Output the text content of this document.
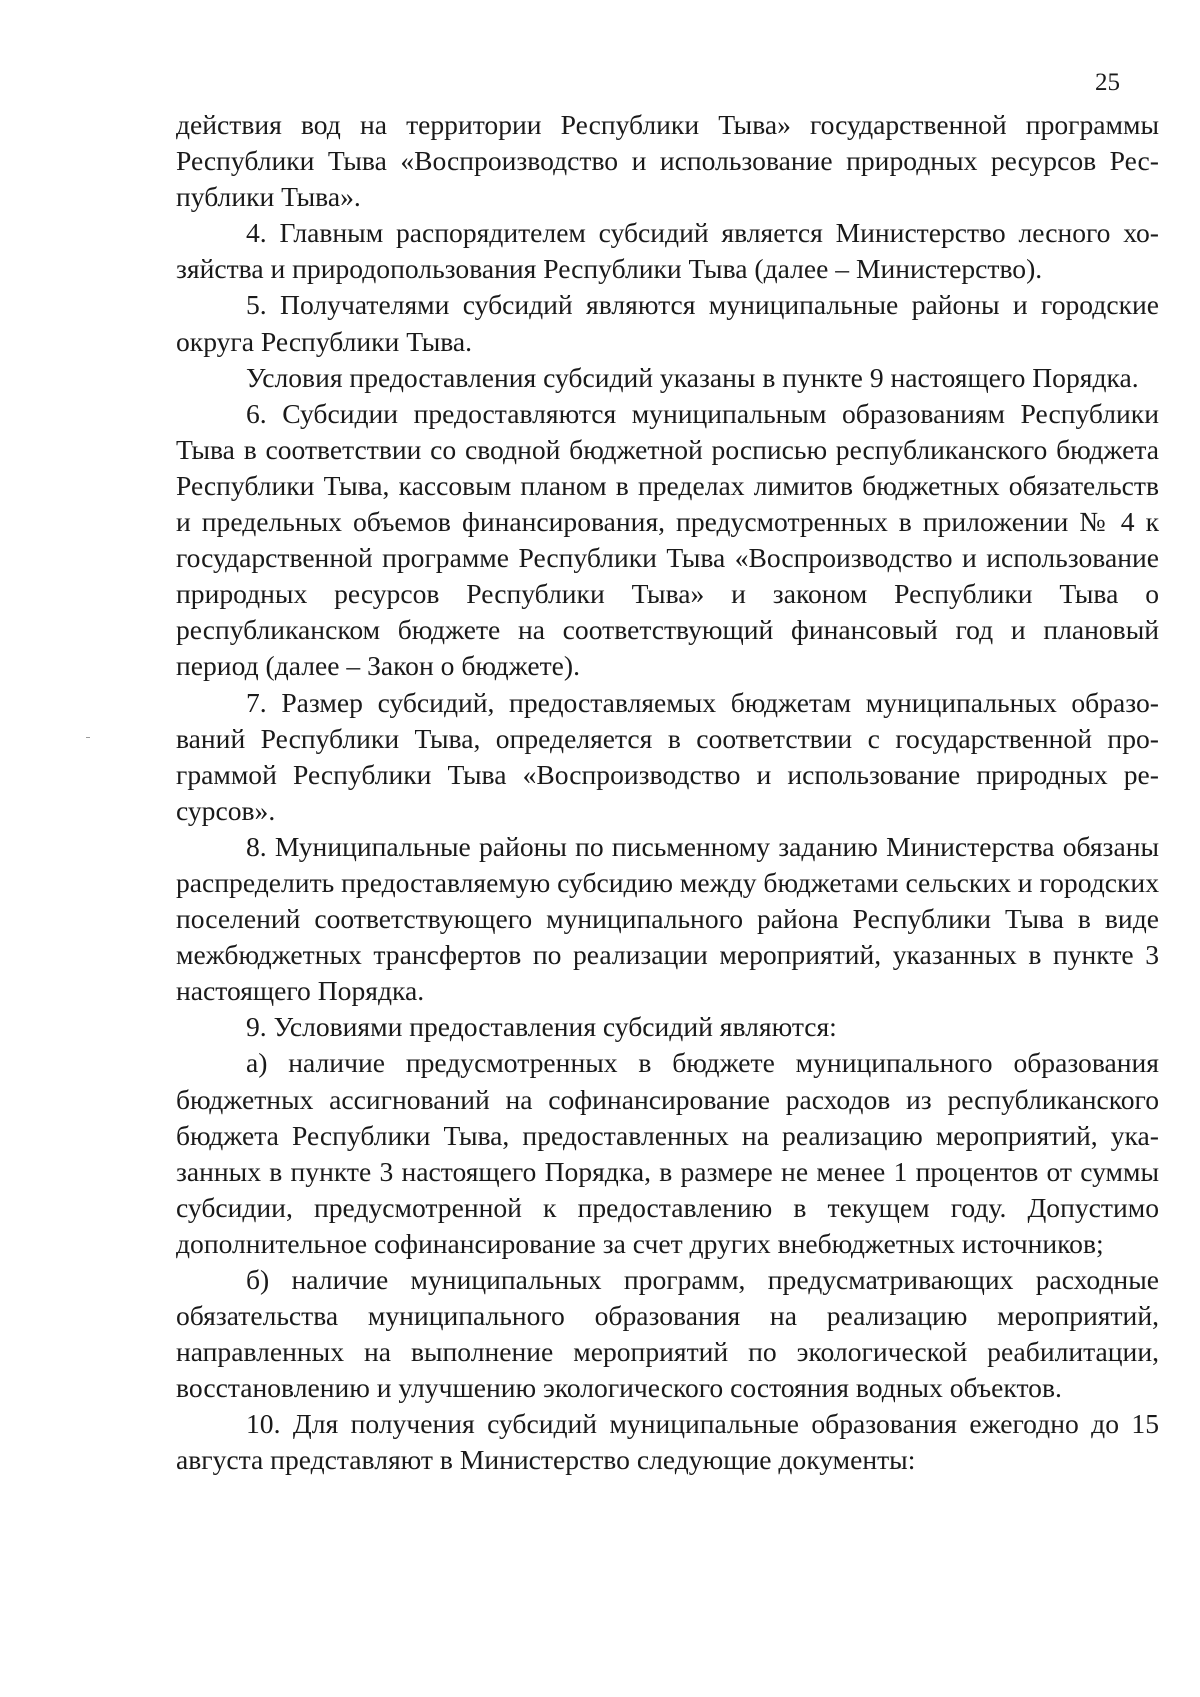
25

действия вод на территории Республики Тыва» государственной программы Республики Тыва «Воспроизводство и использование природных ресурсов Республики Тыва».

4. Главным распорядителем субсидий является Министерство лесного хозяйства и природопользования Республики Тыва (далее – Министерство).

5. Получателями субсидий являются муниципальные районы и городские округа Республики Тыва.

Условия предоставления субсидий указаны в пункте 9 настоящего Порядка.

6. Субсидии предоставляются муниципальным образованиям Республики Тыва в соответствии со сводной бюджетной росписью республиканского бюджета Республики Тыва, кассовым планом в пределах лимитов бюджетных обязательств и предельных объемов финансирования, предусмотренных в приложении № 4 к государственной программе Республики Тыва «Воспроизводство и использование природных ресурсов Республики Тыва» и законом Республики Тыва о республиканском бюджете на соответствующий финансовый год и плановый период (далее – Закон о бюджете).

7. Размер субсидий, предоставляемых бюджетам муниципальных образований Республики Тыва, определяется в соответствии с государственной программой Республики Тыва «Воспроизводство и использование природных ресурсов».

8. Муниципальные районы по письменному заданию Министерства обязаны распределить предоставляемую субсидию между бюджетами сельских и городских поселений соответствующего муниципального района Республики Тыва в виде межбюджетных трансфертов по реализации мероприятий, указанных в пункте 3 настоящего Порядка.

9. Условиями предоставления субсидий являются:

а) наличие предусмотренных в бюджете муниципального образования бюджетных ассигнований на софинансирование расходов из республиканского бюджета Республики Тыва, предоставленных на реализацию мероприятий, указанных в пункте 3 настоящего Порядка, в размере не менее 1 процентов от суммы субсидии, предусмотренной к предоставлению в текущем году. Допустимо дополнительное софинансирование за счет других внебюджетных источников;

б) наличие муниципальных программ, предусматривающих расходные обязательства муниципального образования на реализацию мероприятий, направленных на выполнение мероприятий по экологической реабилитации, восстановлению и улучшению экологического состояния водных объектов.

10. Для получения субсидий муниципальные образования ежегодно до 15 августа представляют в Министерство следующие документы:
